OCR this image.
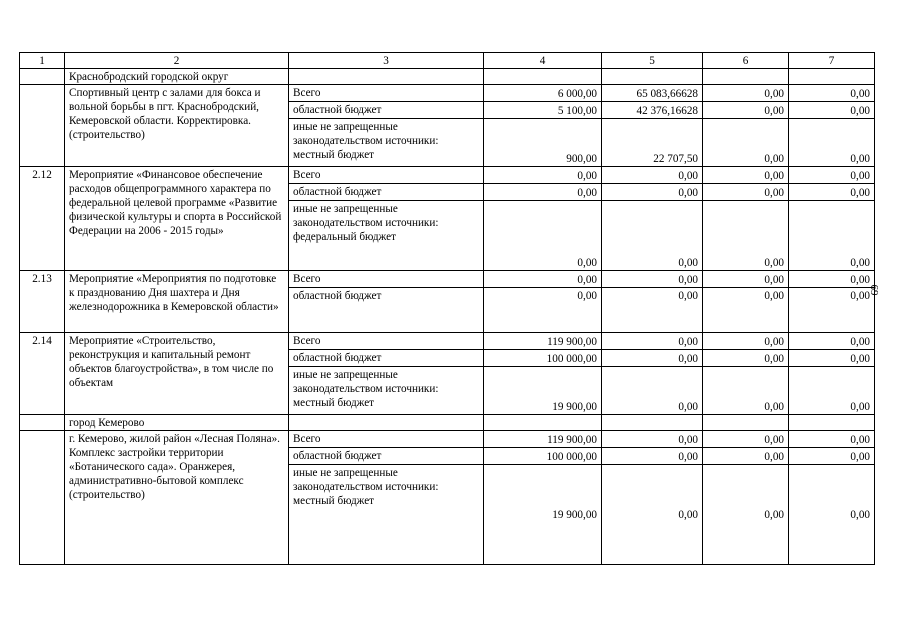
1	2	3	4	5	6	7
	Краснобродский городской округ					
	Спортивный центр с залами для бокса и вольной борьбы в пгт. Краснобродский, Кемеровской области. Корректировка. (строительство)	Всего	6 000,00	65 083,66628	0,00	0,00
		областной бюджет	5 100,00	42 376,16628	0,00	0,00
		иные не запрещенные законодательством источники: местный бюджет	900,00	22 707,50	0,00	0,00
2.12	Мероприятие «Финансовое обеспечение расходов общепрограммного характера по федеральной целевой программе «Развитие физической культуры и спорта в Российской Федерации на 2006 - 2015 годы»	Всего	0,00	0,00	0,00	0,00
		областной бюджет	0,00	0,00	0,00	0,00
		иные не запрещенные законодательством источники: федеральный бюджет	0,00	0,00	0,00	0,00
2.13	Мероприятие «Мероприятия по подготовке к празднованию Дня шахтера и Дня железнодорожника в Кемеровской области»	Всего	0,00	0,00	0,00	0,00
		областной бюджет	0,00	0,00	0,00	0,00
2.14	Мероприятие «Строительство, реконструкция и капитальный ремонт объектов благоустройства», в том числе по объектам	Всего	119 900,00	0,00	0,00	0,00
		областной бюджет	100 000,00	0,00	0,00	0,00
		иные не запрещенные законодательством источники: местный бюджет	19 900,00	0,00	0,00	0,00
	город Кемерово					
	г. Кемерово, жилой район «Лесная Поляна». Комплекс застройки территории «Ботанического сада». Оранжерея, административно-бытовой комплекс (строительство)	Всего	119 900,00	0,00	0,00	0,00
		областной бюджет	100 000,00	0,00	0,00	0,00
		иные не запрещенные законодательством источники: местный бюджет	19 900,00	0,00	0,00	0,00
69
